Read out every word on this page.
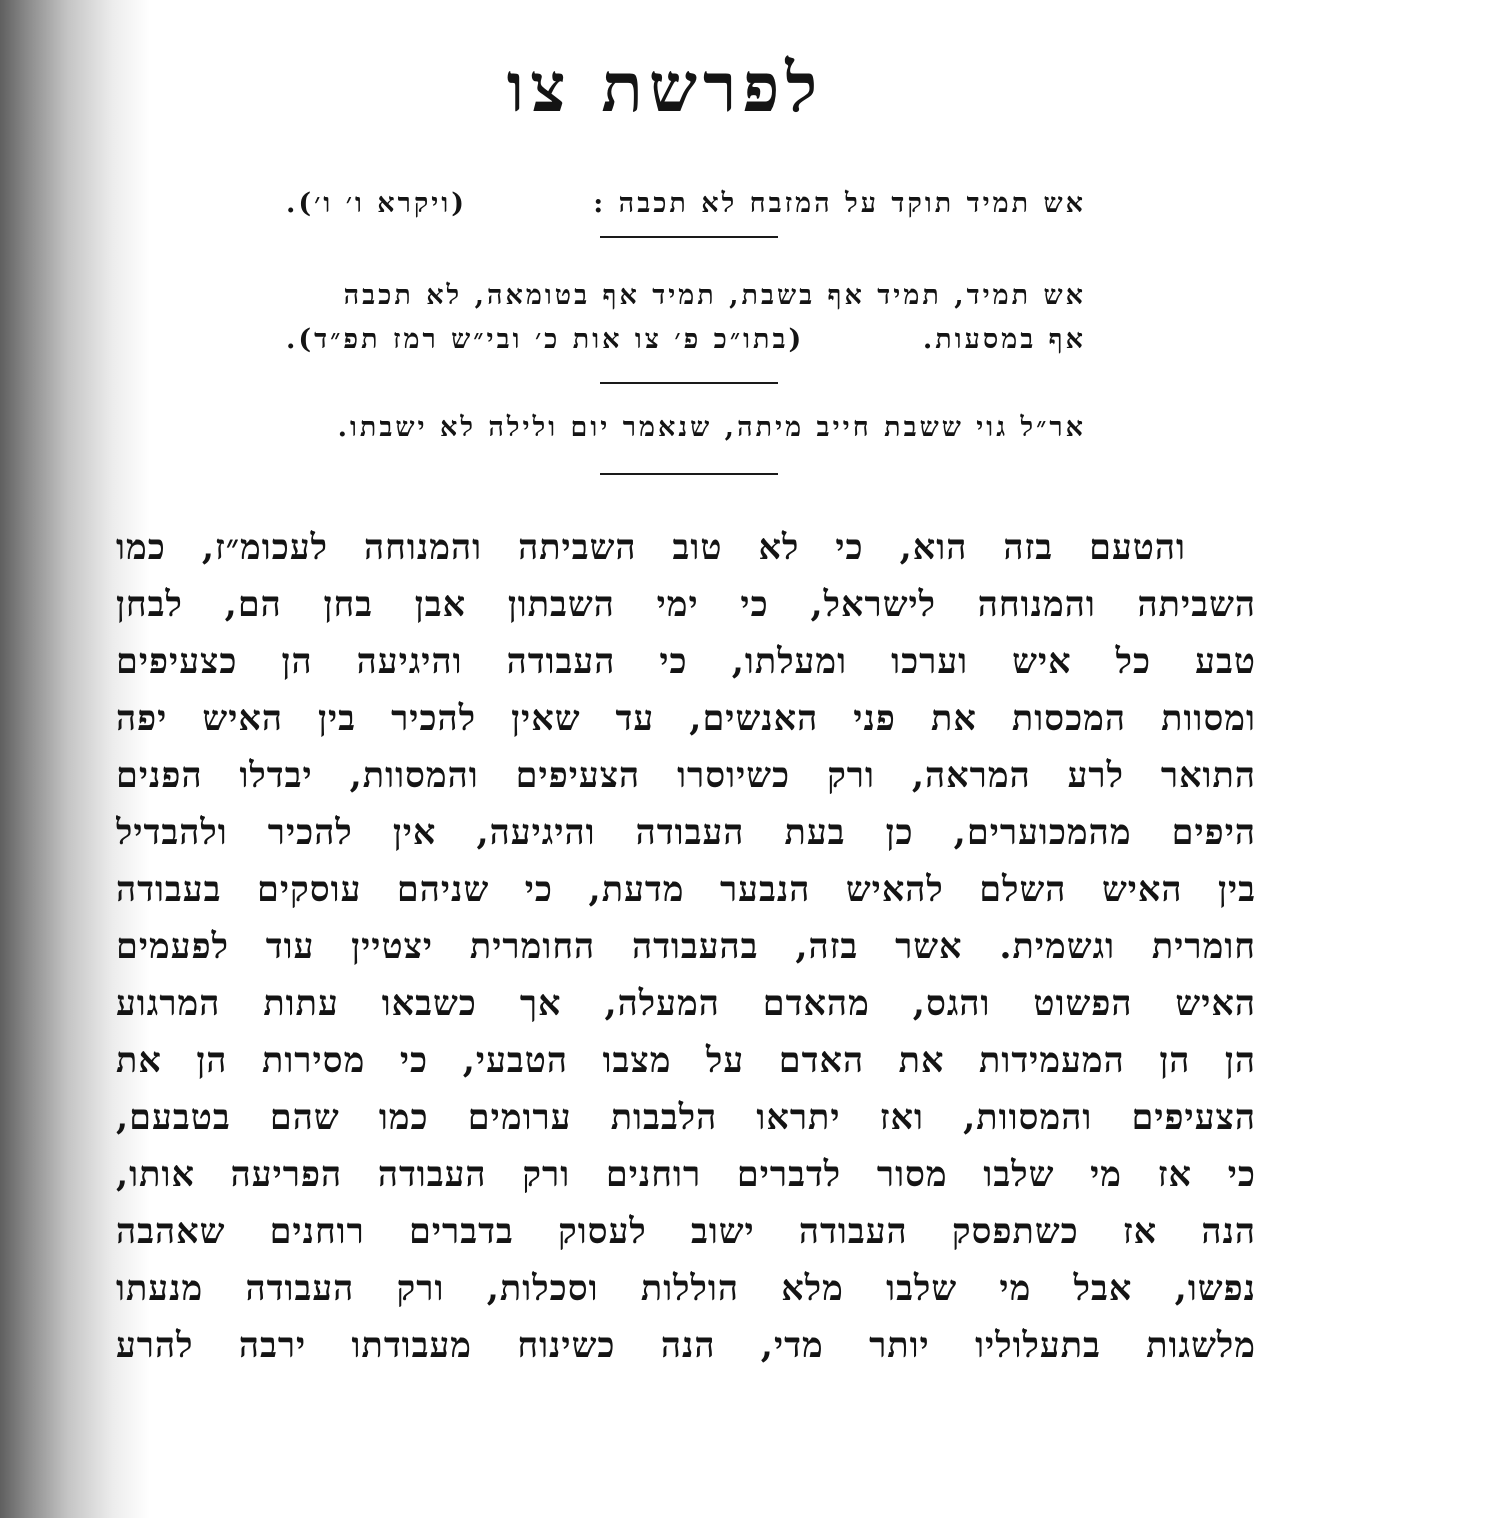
לפרשת צו
אש תמיד תוקד על המזבח לא תכבה :
(ויקרא ו׳ ו׳).
אש תמיד, תמיד אף בשבת, תמיד אף בטומאה, לא תכבה
אף במסעות.
(בתו״כ פ׳ צו אות כ׳ ובי״ש רמז תפ״ד).
אר״ל גוי ששבת חייב מיתה, שנאמר יום ולילה לא ישבתו.
והטעם בזה הוא, כי לא טוב השביתה והמנוחה לעכומ״ז, כמו
השביתה והמנוחה לישראל, כי ימי השבתון אבן בחן הם, לבחן
טבע כל איש וערכו ומעלתו, כי העבודה והיגיעה הן כצעיפים
ומסוות המכסות את פני האנשים, עד שאין להכיר בין האיש יפה
התואר לרע המראה, ורק כשיוסרו הצעיפים והמסוות, יבדלו הפנים
היפים מהמכוערים, כן בעת העבודה והיגיעה, אין להכיר ולהבדיל
בין האיש השלם להאיש הנבער מדעת, כי שניהם עוסקים בעבודה
חומרית וגשמית. אשר בזה, בהעבודה החומרית יצטיין עוד לפעמים
האיש הפשוט והגס, מהאדם המעלה, אך כשבאו עתות המרגוע
הן הן המעמידות את האדם על מצבו הטבעי, כי מסירות הן את
הצעיפים והמסוות, ואז יתראו הלבבות ערומים כמו שהם בטבעם,
כי אז מי שלבו מסור לדברים רוחנים ורק העבודה הפריעה אותו,
הנה אז כשתפסק העבודה ישוב לעסוק בדברים רוחנים שאהבה
נפשו, אבל מי שלבו מלא הוללות וסכלות, ורק העבודה מנעתו
מלשגות בתעלוליו יותר מדי, הנה כשינוח מעבודתו ירבה להרע
